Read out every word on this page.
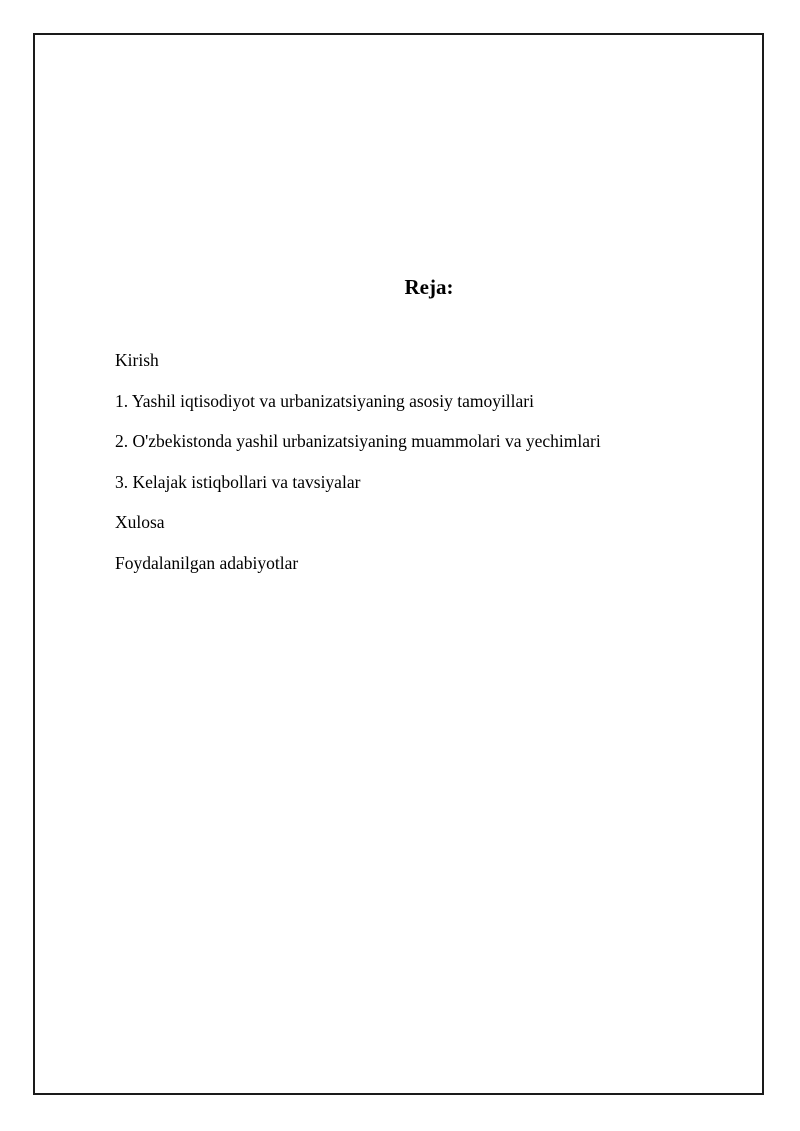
Reja:
Kirish
1. Yashil iqtisodiyot va urbanizatsiyaning asosiy tamoyillari
2. O'zbekistonda yashil urbanizatsiyaning muammolari va yechimlari
3. Kelajak istiqbollari va tavsiyalar
Xulosa
Foydalanilgan adabiyotlar
